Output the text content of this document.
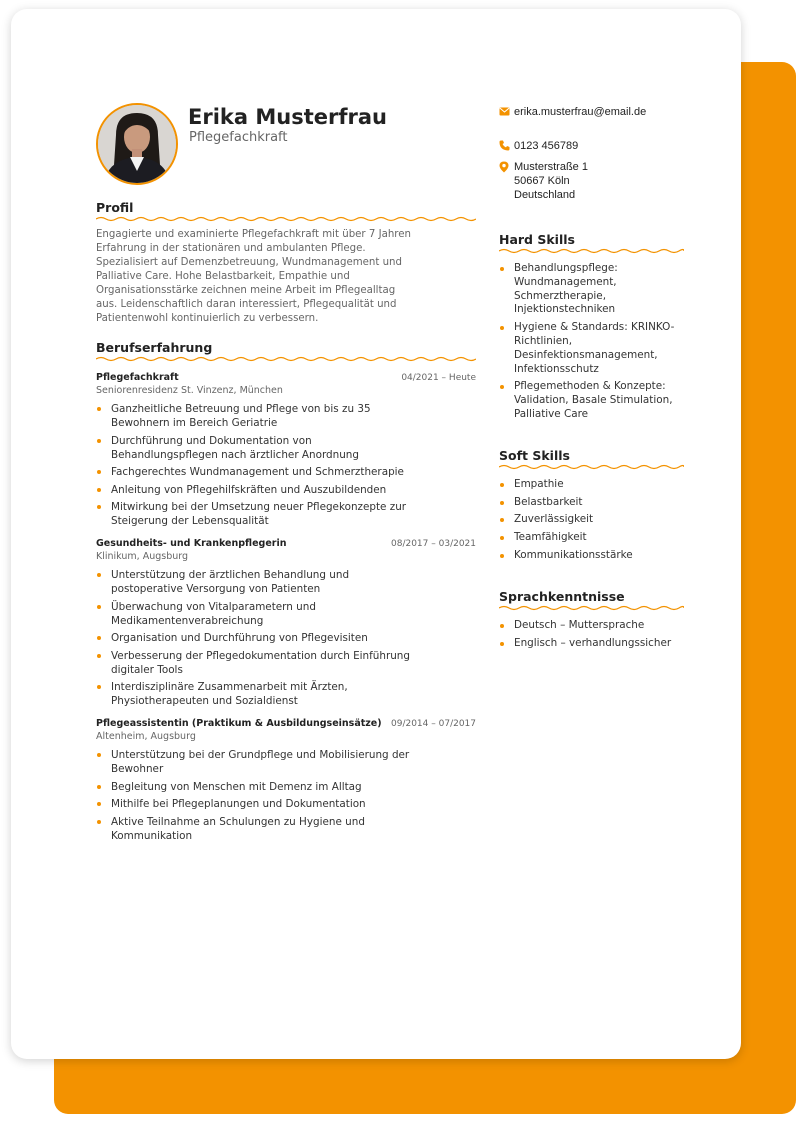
Erika Musterfrau
Pflegefachkraft
Profil
Engagierte und examinierte Pflegefachkraft mit über 7 Jahren Erfahrung in der stationären und ambulanten Pflege. Spezialisiert auf Demenzbetreuung, Wundmanagement und Palliative Care. Hohe Belastbarkeit, Empathie und Organisationsstärke zeichnen meine Arbeit im Pflegealltag aus. Leidenschaftlich daran interessiert, Pflegequalität und Patientenwohl kontinuierlich zu verbessern.
Berufserfahrung
Pflegefachkraft	04/2021 – Heute
Seniorenresidenz St. Vinzenz, München
Ganzheitliche Betreuung und Pflege von bis zu 35 Bewohnern im Bereich Geriatrie
Durchführung und Dokumentation von Behandlungspflegen nach ärztlicher Anordnung
Fachgerechtes Wundmanagement und Schmerztherapie
Anleitung von Pflegehilfskräften und Auszubildenden
Mitwirkung bei der Umsetzung neuer Pflegekonzepte zur Steigerung der Lebensqualität
Gesundheits- und Krankenpflegerin	08/2017 – 03/2021
Klinikum, Augsburg
Unterstützung der ärztlichen Behandlung und postoperative Versorgung von Patienten
Überwachung von Vitalparametern und Medikamentenverabreichung
Organisation und Durchführung von Pflegevisiten
Verbesserung der Pflegedokumentation durch Einführung digitaler Tools
Interdisziplinäre Zusammenarbeit mit Ärzten, Physiotherapeuten und Sozialdienst
Pflegeassistentin (Praktikum & Ausbildungseinsätze) 09/2014 – 07/2017
Altenheim, Augsburg
Unterstützung bei der Grundpflege und Mobilisierung der Bewohner
Begleitung von Menschen mit Demenz im Alltag
Mithilfe bei Pflegeplanungen und Dokumentation
Aktive Teilnahme an Schulungen zu Hygiene und Kommunikation
erika.musterfrau@email.de
0123 456789
Musterstraße 1
50667 Köln
Deutschland
Hard Skills
Behandlungspflege: Wundmanagement, Schmerztherapie, Injektionstechniken
Hygiene & Standards: KRINKO-Richtlinien, Desinfektionsmanagement, Infektionsschutz
Pflegemethoden & Konzepte: Validation, Basale Stimulation, Palliative Care
Soft Skills
Empathie
Belastbarkeit
Zuverlässigkeit
Teamfähigkeit
Kommunikationsstärke
Sprachkenntnisse
Deutsch – Muttersprache
Englisch – verhandlungssicher
